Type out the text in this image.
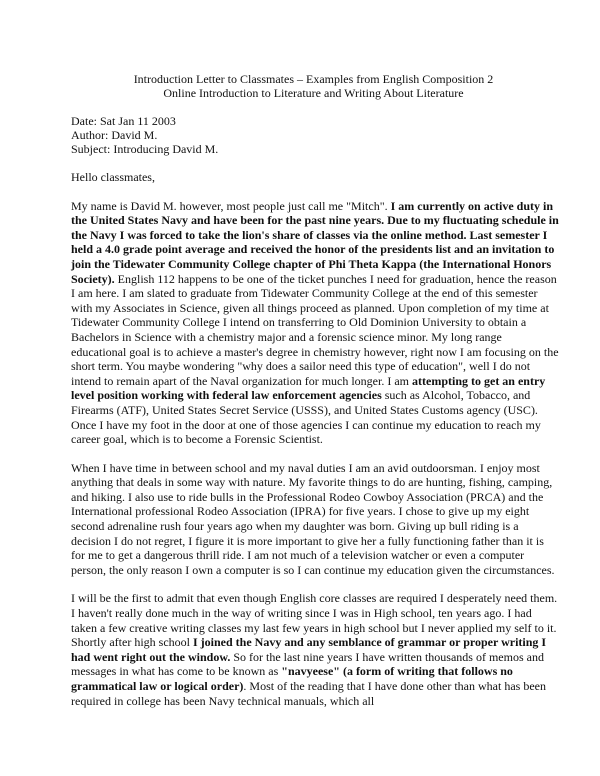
Introduction Letter to Classmates – Examples from English Composition 2
Online Introduction to Literature and Writing About Literature
Date: Sat Jan 11 2003
Author: David M.
Subject: Introducing David M.
Hello classmates,

My name is David M. however, most people just call me "Mitch". I am currently on active duty in the United States Navy and have been for the past nine years. Due to my fluctuating schedule in the Navy I was forced to take the lion's share of classes via the online method. Last semester I held a 4.0 grade point average and received the honor of the presidents list and an invitation to join the Tidewater Community College chapter of Phi Theta Kappa (the International Honors Society). English 112 happens to be one of the ticket punches I need for graduation, hence the reason I am here. I am slated to graduate from Tidewater Community College at the end of this semester with my Associates in Science, given all things proceed as planned. Upon completion of my time at Tidewater Community College I intend on transferring to Old Dominion University to obtain a Bachelors in Science with a chemistry major and a forensic science minor. My long range educational goal is to achieve a master's degree in chemistry however, right now I am focusing on the short term. You maybe wondering "why does a sailor need this type of education", well I do not intend to remain apart of the Naval organization for much longer. I am attempting to get an entry level position working with federal law enforcement agencies such as Alcohol, Tobacco, and Firearms (ATF), United States Secret Service (USSS), and United States Customs agency (USC). Once I have my foot in the door at one of those agencies I can continue my education to reach my career goal, which is to become a Forensic Scientist.

When I have time in between school and my naval duties I am an avid outdoorsman. I enjoy most anything that deals in some way with nature. My favorite things to do are hunting, fishing, camping, and hiking. I also use to ride bulls in the Professional Rodeo Cowboy Association (PRCA) and the International professional Rodeo Association (IPRA) for five years. I chose to give up my eight second adrenaline rush four years ago when my daughter was born. Giving up bull riding is a decision I do not regret, I figure it is more important to give her a fully functioning father than it is for me to get a dangerous thrill ride. I am not much of a television watcher or even a computer person, the only reason I own a computer is so I can continue my education given the circumstances.

I will be the first to admit that even though English core classes are required I desperately need them. I haven't really done much in the way of writing since I was in High school, ten years ago. I had taken a few creative writing classes my last few years in high school but I never applied my self to it. Shortly after high school I joined the Navy and any semblance of grammar or proper writing I had went right out the window. So for the last nine years I have written thousands of memos and messages in what has come to be known as "navyeese" (a form of writing that follows no grammatical law or logical order). Most of the reading that I have done other than what has been required in college has been Navy technical manuals, which all
